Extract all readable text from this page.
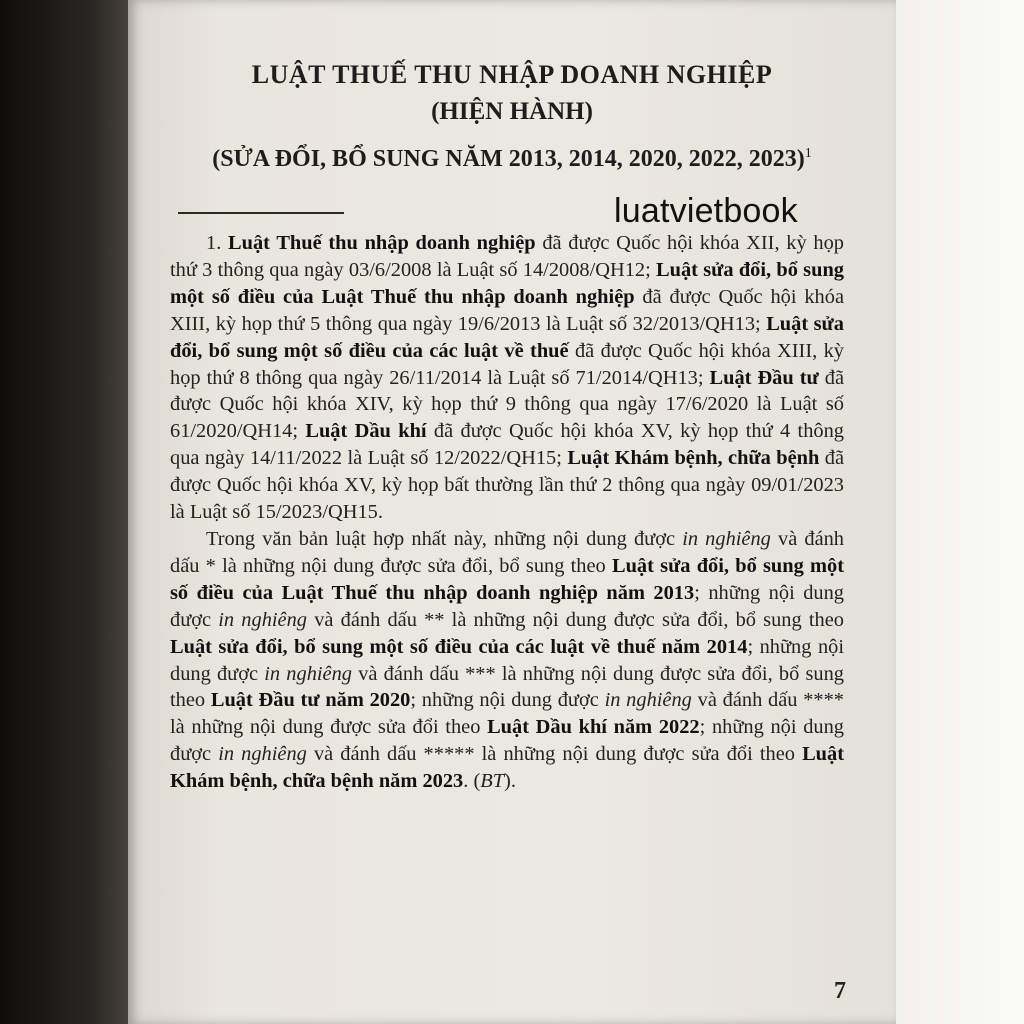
LUẬT THUẾ THU NHẬP DOANH NGHIỆP
(HIỆN HÀNH)
(SỬA ĐỔI, BỔ SUNG NĂM 2013, 2014, 2020, 2022, 2023)$^1$
luatvietbook

1. Luật Thuế thu nhập doanh nghiệp đã được Quốc hội khóa XII, kỳ họp thứ 3 thông qua ngày 03/6/2008 là Luật số 14/2008/QH12; Luật sửa đổi, bổ sung một số điều của Luật Thuế thu nhập doanh nghiệp đã được Quốc hội khóa XIII, kỳ họp thứ 5 thông qua ngày 19/6/2013 là Luật số 32/2013/QH13; Luật sửa đổi, bổ sung một số điều của các luật về thuế đã được Quốc hội khóa XIII, kỳ họp thứ 8 thông qua ngày 26/11/2014 là Luật số 71/2014/QH13; Luật Đầu tư đã được Quốc hội khóa XIV, kỳ họp thứ 9 thông qua ngày 17/6/2020 là Luật số 61/2020/QH14; Luật Dầu khí đã được Quốc hội khóa XV, kỳ họp thứ 4 thông qua ngày 14/11/2022 là Luật số 12/2022/QH15; Luật Khám bệnh, chữa bệnh đã được Quốc hội khóa XV, kỳ họp bất thường lần thứ 2 thông qua ngày 09/01/2023 là Luật số 15/2023/QH15.

Trong văn bản luật hợp nhất này, những nội dung được in nghiêng và đánh dấu * là những nội dung được sửa đổi, bổ sung theo Luật sửa đổi, bổ sung một số điều của Luật Thuế thu nhập doanh nghiệp năm 2013; những nội dung được in nghiêng và đánh dấu ** là những nội dung được sửa đổi, bổ sung theo Luật sửa đổi, bổ sung một số điều của các luật về thuế năm 2014; những nội dung được in nghiêng và đánh dấu *** là những nội dung được sửa đổi, bổ sung theo Luật Đầu tư năm 2020; những nội dung được in nghiêng và đánh dấu **** là những nội dung được sửa đổi theo Luật Dầu khí năm 2022; những nội dung được in nghiêng và đánh dấu ***** là những nội dung được sửa đổi theo Luật Khám bệnh, chữa bệnh năm 2023. (BT).

7
